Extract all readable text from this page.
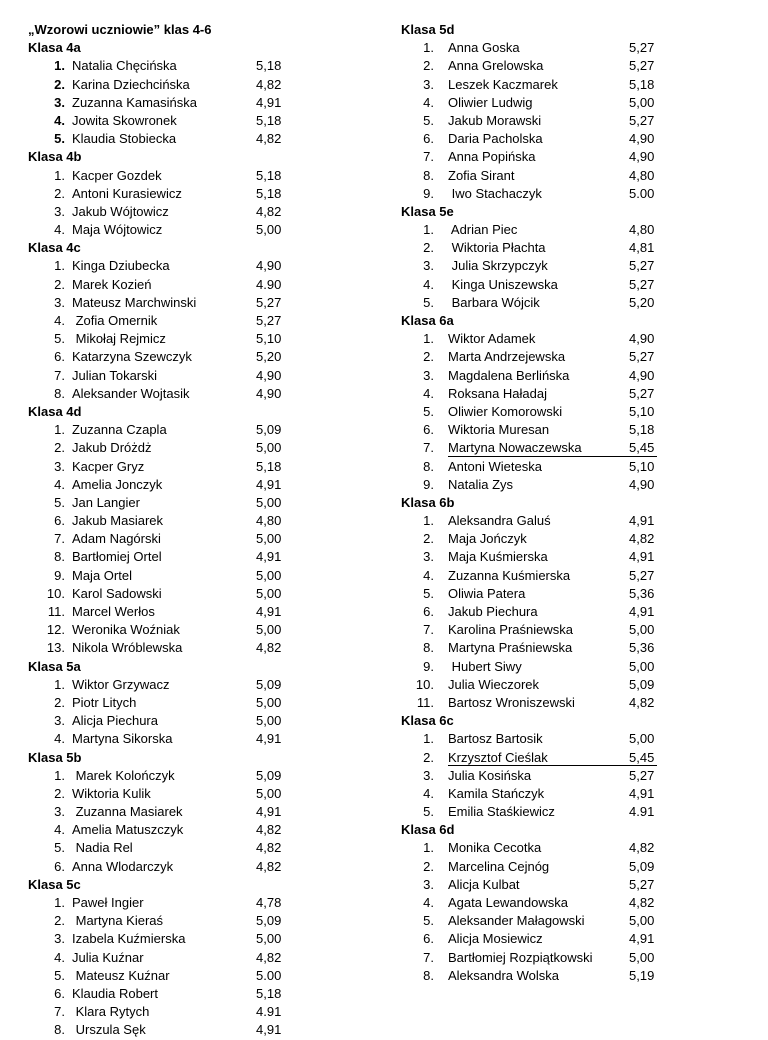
„Wzorowi uczniowie” klas 4-6
Klasa 4a
1. Natalia Chęcińska	5,18
2. Karina Dziechcińska	4,82
3. Zuzanna Kamasińska	4,91
4. Jowita Skowronek	5,18
5. Klaudia Stobiecka	4,82
Klasa 4b
1. Kacper Gozdek	5,18
2. Antoni Kurasiewicz	5,18
3. Jakub Wójtowicz	4,82
4. Maja Wójtowicz	5,00
Klasa 4c
1. Kinga Dziubecka	4,90
2. Marek Kozień	4.90
3. Mateusz Marchwinski	5,27
4. Zofia Omernik	5,27
5. Mikołaj Rejmicz	5,10
6. Katarzyna Szewczyk	5,20
7. Julian Tokarski	4,90
8. Aleksander Wojtasik	4,90
Klasa 4d
1. Zuzanna Czapla	5,09
2. Jakub Dróżdż	5,00
3. Kacper Gryz	5,18
4. Amelia Jonczyk	4,91
5. Jan Langier	5,00
6. Jakub Masiarek	4,80
7. Adam Nagórski	5,00
8. Bartłomiej Ortel	4,91
9. Maja Ortel	5,00
10. Karol Sadowski	5,00
11. Marcel Werłos	4,91
12. Weronika Woźniak	5,00
13. Nikola Wróblewska	4,82
Klasa 5a
1. Wiktor Grzywacz	5,09
2. Piotr Litych	5,00
3. Alicja Piechura	5,00
4. Martyna Sikorska	4,91
Klasa 5b
1. Marek Kolończyk	5,09
2. Wiktoria Kulik	5,00
3. Zuzanna Masiarek	4,91
4. Amelia Matuszczyk	4,82
5. Nadia Rel	4,82
6. Anna Wlodarczyk	4,82
Klasa 5c
1. Paweł Ingier	4,78
2. Martyna Kieraś	5,09
3. Izabela Kuźmierska	5,00
4. Julia Kuźnar	4,82
5. Mateusz Kuźnar	5.00
6. Klaudia Robert	5,18
7. Klara Rytych	4.91
8. Urszula Sęk	4,91
Klasa 5d
1. Anna Goska	5,27
2. Anna Grelowska	5,27
3. Leszek Kaczmarek	5,18
4. Oliwier Ludwig	5,00
5. Jakub Morawski	5,27
6. Daria Pacholska	4,90
7. Anna Popińska	4,90
8. Zofia Sirant	4,80
9. Iwo Stachaczyk	5.00
Klasa 5e
1. Adrian Piec	4,80
2. Wiktoria Płachta	4,81
3. Julia Skrzypczyk	5,27
4. Kinga Uniszewska	5,27
5. Barbara Wójcik	5,20
Klasa 6a
1. Wiktor Adamek	4,90
2. Marta Andrzejewska	5,27
3. Magdalena Berlińska	4,90
4. Roksana Haładaj	5,27
5. Oliwier Komorowski	5,10
6. Wiktoria Muresan	5,18
7. Martyna Nowaczewska	5,45
8. Antoni Wieteska	5,10
9. Natalia Zys	4,90
Klasa 6b
1. Aleksandra Galuś	4,91
2. Maja Jończyk	4,82
3. Maja Kuśmierska	4,91
4. Zuzanna Kuśmierska	5,27
5. Oliwia Patera	5,36
6. Jakub Piechura	4,91
7. Karolina Praśniewska	5,00
8. Martyna Praśniewska	5,36
9. Hubert Siwy	5,00
10. Julia Wieczorek	5,09
11. Bartosz Wroniszewski	4,82
Klasa 6c
1. Bartosz Bartosik	5,00
2. Krzysztof Cieślak	5,45
3. Julia Kosińska	5,27
4. Kamila Stańczyk	4,91
5. Emilia Staśkiewicz	4.91
Klasa 6d
1. Monika Cecotka	4,82
2. Marcelina Cejnóg	5,09
3. Alicja Kulbat	5,27
4. Agata Lewandowska	4,82
5. Aleksander Małagowski	5,00
6. Alicja Mosiewicz	4,91
7. Bartłomiej Rozpiątkowski	5,00
8. Aleksandra Wolska	5,19
